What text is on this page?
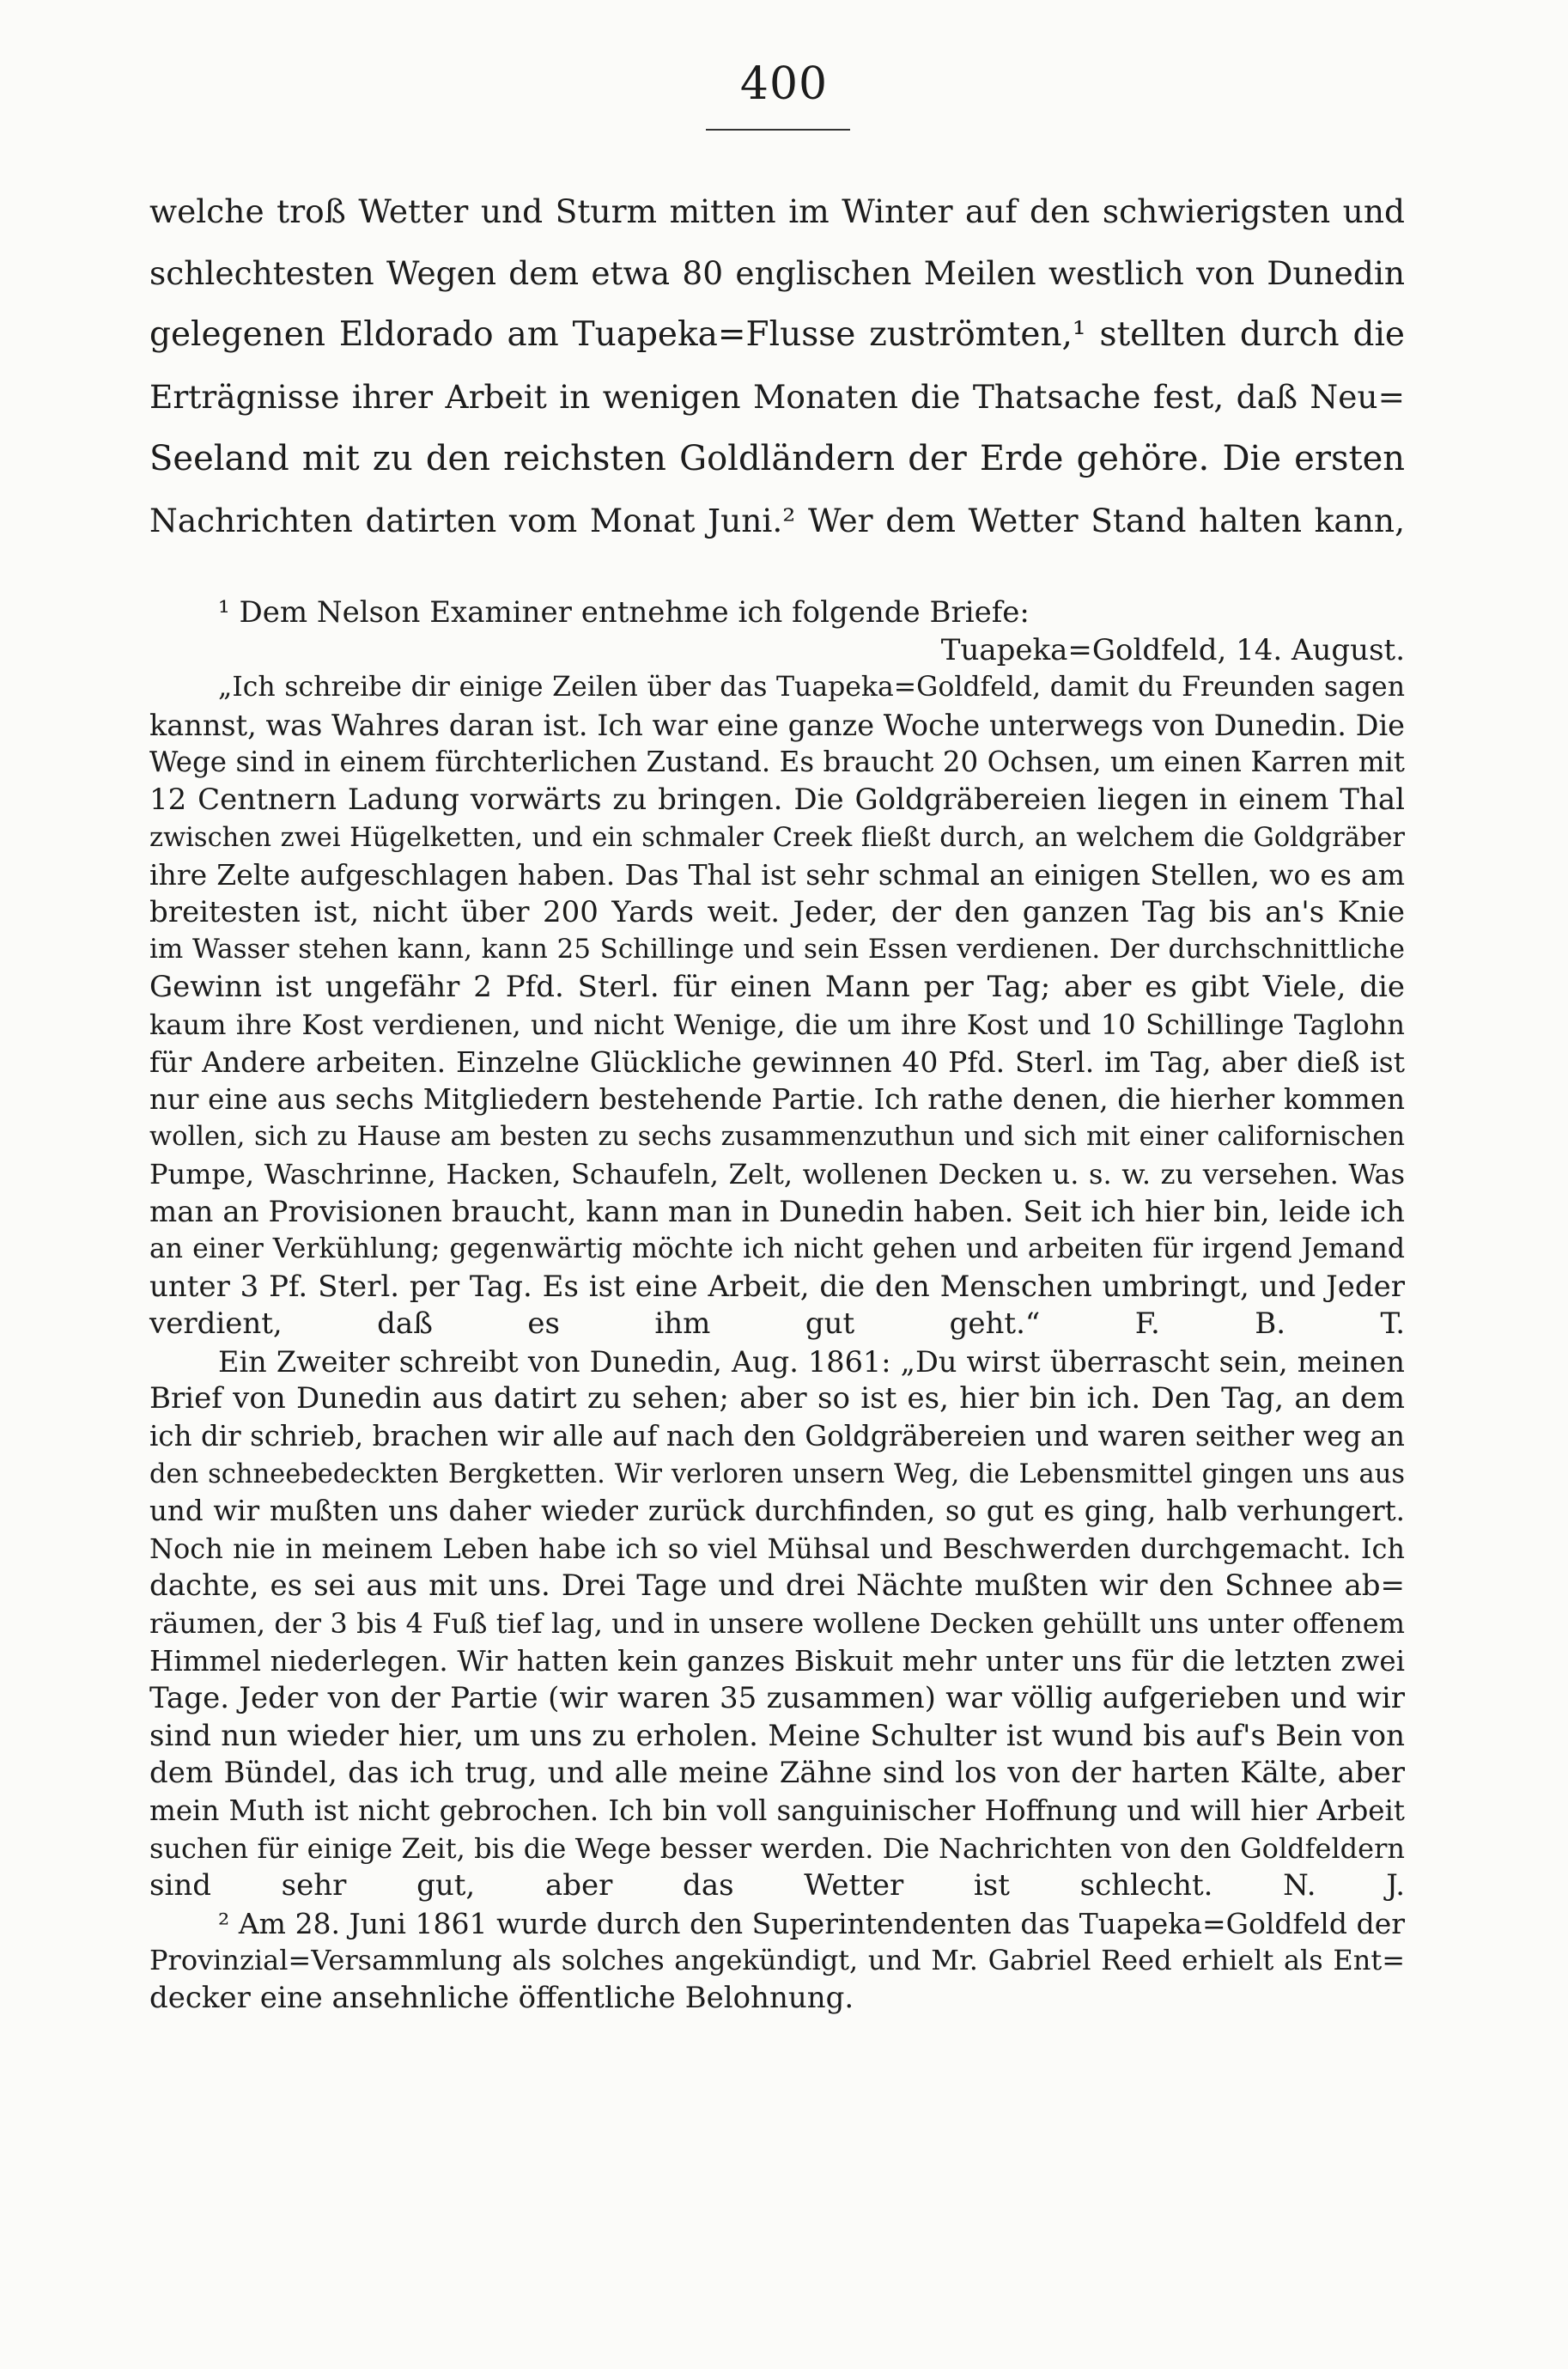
400
welche troß Wetter und Sturm mitten im Winter auf den schwierigsten und
schlechtesten Wegen dem etwa 80 englischen Meilen westlich von Dunedin
gelegenen Eldorado am Tuapeka=Flusse zuströmten,¹ stellten durch die
Erträgnisse ihrer Arbeit in wenigen Monaten die Thatsache fest, daß Neu=
Seeland mit zu den reichsten Goldländern der Erde gehöre. Die ersten
Nachrichten datirten vom Monat Juni.² Wer dem Wetter Stand halten kann,
¹ Dem Nelson Examiner entnehme ich folgende Briefe:
Tuapeka=Goldfeld, 14. August.
„Ich schreibe dir einige Zeilen über das Tuapeka=Goldfeld, damit du Freunden sagen
kannst, was Wahres daran ist. Ich war eine ganze Woche unterwegs von Dunedin. Die
Wege sind in einem fürchterlichen Zustand. Es braucht 20 Ochsen, um einen Karren mit
12 Centnern Ladung vorwärts zu bringen. Die Goldgräbereien liegen in einem Thal
zwischen zwei Hügelketten, und ein schmaler Creek fließt durch, an welchem die Goldgräber
ihre Zelte aufgeschlagen haben. Das Thal ist sehr schmal an einigen Stellen, wo es am
breitesten ist, nicht über 200 Yards weit. Jeder, der den ganzen Tag bis an's Knie
im Wasser stehen kann, kann 25 Schillinge und sein Essen verdienen. Der durchschnittliche
Gewinn ist ungefähr 2 Pfd. Sterl. für einen Mann per Tag; aber es gibt Viele, die
kaum ihre Kost verdienen, und nicht Wenige, die um ihre Kost und 10 Schillinge Taglohn
für Andere arbeiten. Einzelne Glückliche gewinnen 40 Pfd. Sterl. im Tag, aber dieß ist
nur eine aus sechs Mitgliedern bestehende Partie. Ich rathe denen, die hierher kommen
wollen, sich zu Hause am besten zu sechs zusammenzuthun und sich mit einer californischen
Pumpe, Waschrinne, Hacken, Schaufeln, Zelt, wollenen Decken u. s. w. zu versehen. Was
man an Provisionen braucht, kann man in Dunedin haben. Seit ich hier bin, leide ich
an einer Verkühlung; gegenwärtig möchte ich nicht gehen und arbeiten für irgend Jemand
unter 3 Pf. Sterl. per Tag. Es ist eine Arbeit, die den Menschen umbringt, und Jeder
verdient, daß es ihm gut geht.“ F. B. T.
Ein Zweiter schreibt von Dunedin, Aug. 1861: „Du wirst überrascht sein, meinen
Brief von Dunedin aus datirt zu sehen; aber so ist es, hier bin ich. Den Tag, an dem
ich dir schrieb, brachen wir alle auf nach den Goldgräbereien und waren seither weg an
den schneebedeckten Bergketten. Wir verloren unsern Weg, die Lebensmittel gingen uns aus
und wir mußten uns daher wieder zurück durchfinden, so gut es ging, halb verhungert.
Noch nie in meinem Leben habe ich so viel Mühsal und Beschwerden durchgemacht. Ich
dachte, es sei aus mit uns. Drei Tage und drei Nächte mußten wir den Schnee ab=
räumen, der 3 bis 4 Fuß tief lag, und in unsere wollene Decken gehüllt uns unter offenem
Himmel niederlegen. Wir hatten kein ganzes Biskuit mehr unter uns für die letzten zwei
Tage. Jeder von der Partie (wir waren 35 zusammen) war völlig aufgerieben und wir
sind nun wieder hier, um uns zu erholen. Meine Schulter ist wund bis auf's Bein von
dem Bündel, das ich trug, und alle meine Zähne sind los von der harten Kälte, aber
mein Muth ist nicht gebrochen. Ich bin voll sanguinischer Hoffnung und will hier Arbeit
suchen für einige Zeit, bis die Wege besser werden. Die Nachrichten von den Goldfeldern
sind sehr gut, aber das Wetter ist schlecht. N. J.
² Am 28. Juni 1861 wurde durch den Superintendenten das Tuapeka=Goldfeld der
Provinzial=Versammlung als solches angekündigt, und Mr. Gabriel Reed erhielt als Ent=
decker eine ansehnliche öffentliche Belohnung.
